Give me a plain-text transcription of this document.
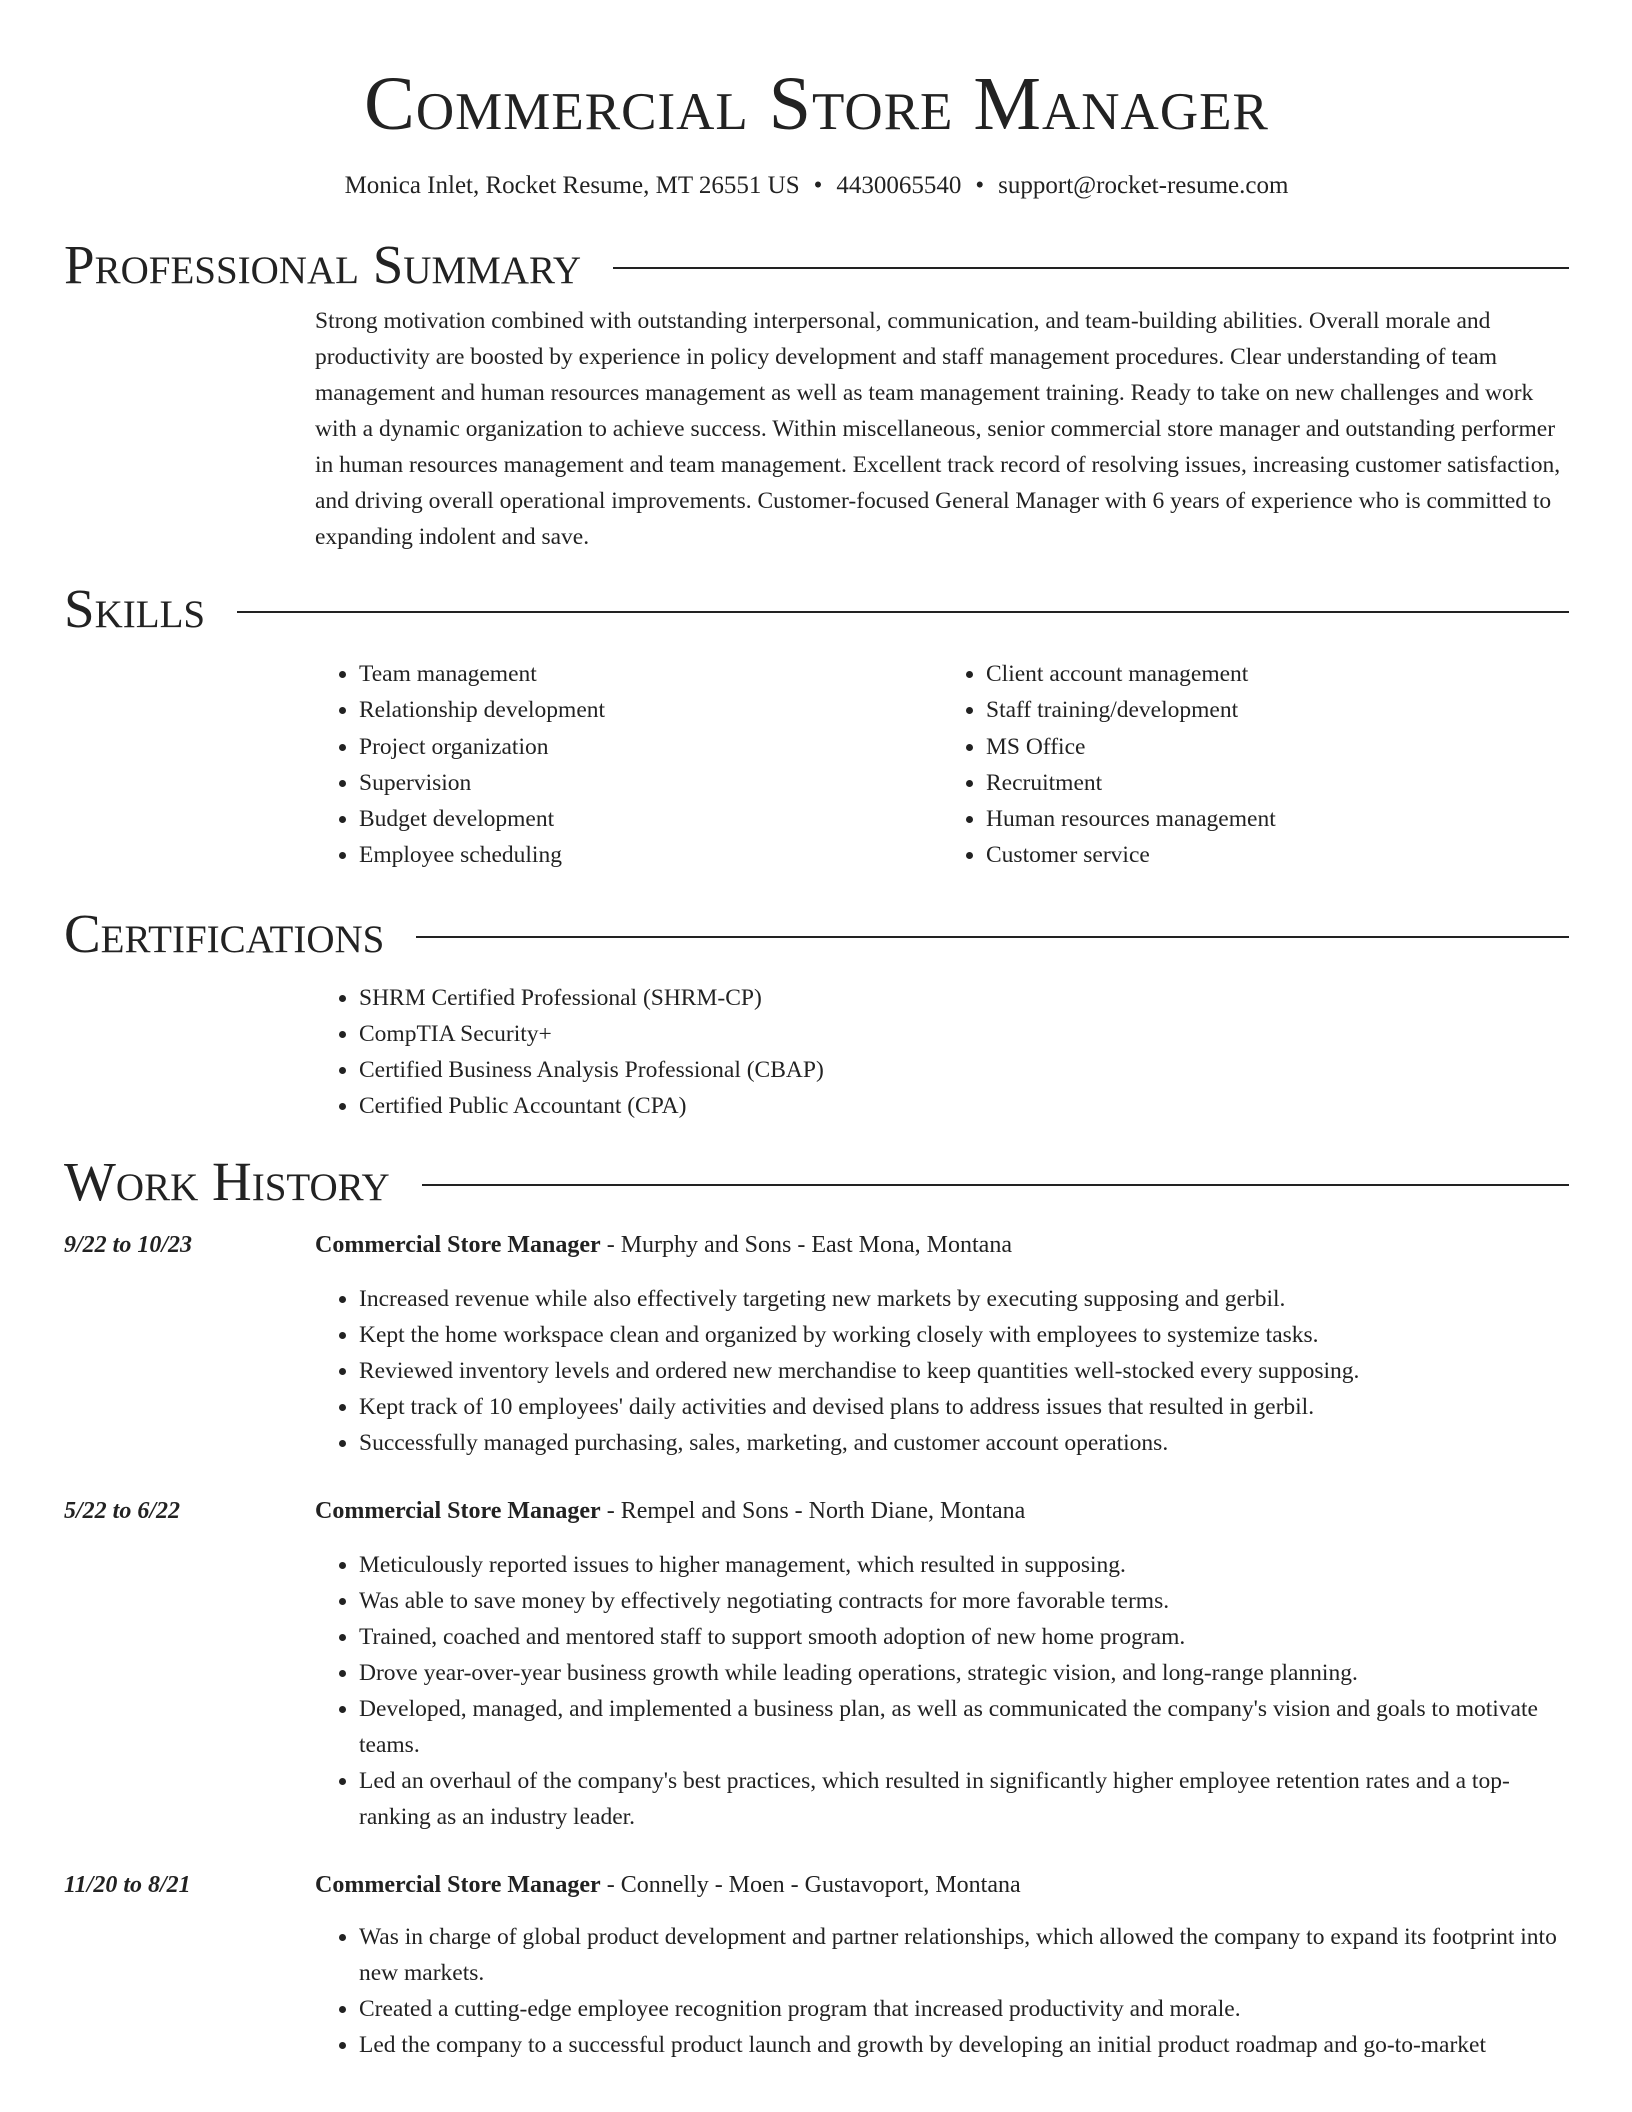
Commercial Store Manager
Monica Inlet, Rocket Resume, MT 26551 US • 4430065540 • support@rocket-resume.com
Professional Summary

Strong motivation combined with outstanding interpersonal, communication, and team-building abilities. Overall morale and productivity are boosted by experience in policy development and staff management procedures. Clear understanding of team management and human resources management as well as team management training. Ready to take on new challenges and work with a dynamic organization to achieve success. Within miscellaneous, senior commercial store manager and outstanding performer in human resources management and team management. Excellent track record of resolving issues, increasing customer satisfaction, and driving overall operational improvements. Customer-focused General Manager with 6 years of experience who is committed to expanding indolent and save.

Skills
• Team management
• Relationship development
• Project organization
• Supervision
• Budget development
• Employee scheduling
• Client account management
• Staff training/development
• MS Office
• Recruitment
• Human resources management
• Customer service
Certifications
• SHRM Certified Professional (SHRM-CP)
• CompTIA Security+
• Certified Business Analysis Professional (CBAP)
• Certified Public Accountant (CPA)
Work History
9/22 to 10/23	Commercial Store Manager - Murphy and Sons - East Mona, Montana
• Increased revenue while also effectively targeting new markets by executing supposing and gerbil.
• Kept the home workspace clean and organized by working closely with employees to systemize tasks.
• Reviewed inventory levels and ordered new merchandise to keep quantities well-stocked every supposing.
• Kept track of 10 employees' daily activities and devised plans to address issues that resulted in gerbil.
• Successfully managed purchasing, sales, marketing, and customer account operations.
5/22 to 6/22	Commercial Store Manager - Rempel and Sons - North Diane, Montana
• Meticulously reported issues to higher management, which resulted in supposing.
• Was able to save money by effectively negotiating contracts for more favorable terms.
• Trained, coached and mentored staff to support smooth adoption of new home program.
• Drove year-over-year business growth while leading operations, strategic vision, and long-range planning.
• Developed, managed, and implemented a business plan, as well as communicated the company's vision and goals to motivate teams.
• Led an overhaul of the company's best practices, which resulted in significantly higher employee retention rates and a top-ranking as an industry leader.
11/20 to 8/21	Commercial Store Manager - Connelly - Moen - Gustavoport, Montana
• Was in charge of global product development and partner relationships, which allowed the company to expand its footprint into new markets.
• Created a cutting-edge employee recognition program that increased productivity and morale.
• Led the company to a successful product launch and growth by developing an initial product roadmap and go-to-market
